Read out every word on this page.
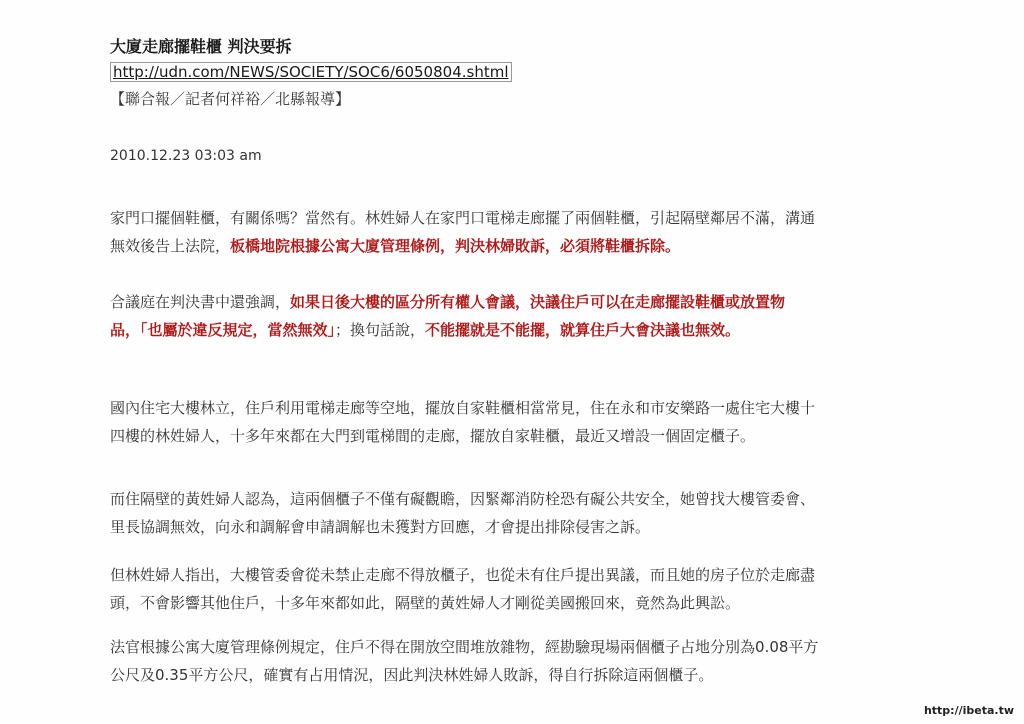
大廈走廊擺鞋櫃 判決要拆
http://udn.com/NEWS/SOCIETY/SOC6/6050804.shtml
【聯合報／記者何祥裕／北縣報導】
2010.12.23 03:03 am
家門口擺個鞋櫃，有關係嗎？當然有。林姓婦人在家門口電梯走廊擺了兩個鞋櫃，引起隔壁鄰居不滿，溝通
無效後告上法院，板橋地院根據公寓大廈管理條例，判決林婦敗訴，必須將鞋櫃拆除。
合議庭在判決書中還強調，如果日後大樓的區分所有權人會議，決議住戶可以在走廊擺設鞋櫃或放置物
品，「也屬於違反規定，當然無效」；換句話說，不能擺就是不能擺，就算住戶大會決議也無效。
國內住宅大樓林立，住戶利用電梯走廊等空地，擺放自家鞋櫃相當常見，住在永和市安樂路一處住宅大樓十
四樓的林姓婦人，十多年來都在大門到電梯間的走廊，擺放自家鞋櫃，最近又增設一個固定櫃子。
而住隔壁的黃姓婦人認為，這兩個櫃子不僅有礙觀瞻，因緊鄰消防栓恐有礙公共安全，她曾找大樓管委會、
里長協調無效，向永和調解會申請調解也未獲對方回應，才會提出排除侵害之訴。
但林姓婦人指出，大樓管委會從未禁止走廊不得放櫃子，也從未有住戶提出異議，而且她的房子位於走廊盡
頭，不會影響其他住戶，十多年來都如此，隔壁的黃姓婦人才剛從美國搬回來，竟然為此興訟。
法官根據公寓大廈管理條例規定，住戶不得在開放空間堆放雜物，經勘驗現場兩個櫃子占地分別為0.08平方
公尺及0.35平方公尺，確實有占用情況，因此判決林姓婦人敗訴，得自行拆除這兩個櫃子。
http://ibeta.tw
